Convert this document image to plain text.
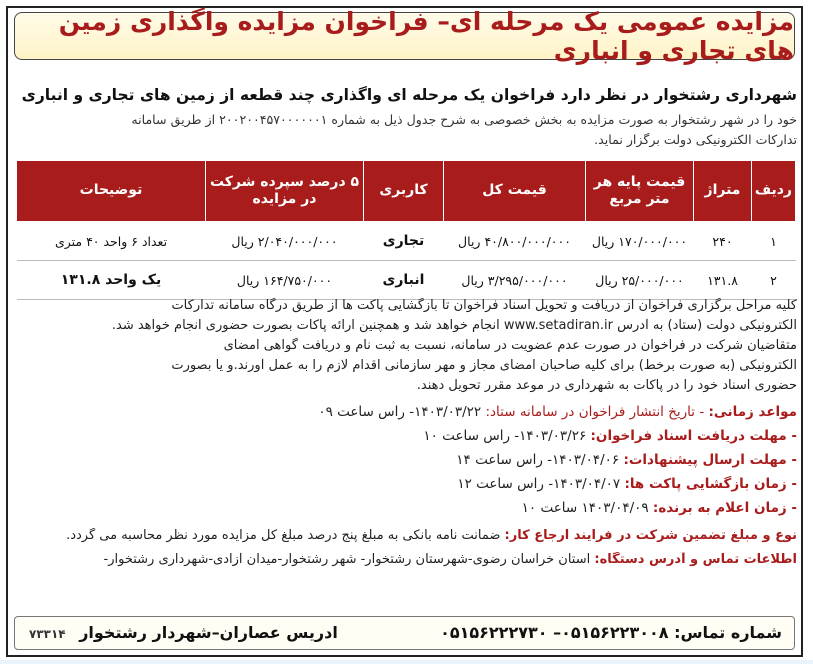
مزایده عمومی یک مرحله ای– فراخوان مزایده واگذاری زمین های تجاری و انباری
شهرداری رشتخوار در نظر دارد فراخوان یک مرحله ای واگذاری چند قطعه از زمین های تجاری و انباری
خود را در شهر رشتخوار به صورت مزایده به بخش خصوصی به شرح جدول ذیل به شماره ۲۰۰۲۰۰۴۵۷۰۰۰۰۰۰۱ از طریق سامانه
تدارکات الکترونیکی دولت برگزار نماید.
ردیف	متراژ	قیمت پایه هر متر مربع	قیمت کل	کاربری	۵ درصد سپرده شرکت در مزایده	توضیحات
۱	۲۴۰	۱۷۰/۰۰۰/۰۰۰ ریال	۴۰/۸۰۰/۰۰۰/۰۰۰ ریال	تجاری	۲/۰۴۰/۰۰۰/۰۰۰ ریال	تعداد ۶ واحد ۴۰ متری
۲	۱۳۱.۸	۲۵/۰۰۰/۰۰۰ ریال	۳/۲۹۵/۰۰۰/۰۰۰ ریال	انباری	۱۶۴/۷۵۰/۰۰۰ ریال	یک واحد ۱۳۱.۸
کلیه مراحل برگزاری فراخوان از دریافت و تحویل اسناد فراخوان تا بازگشایی پاکت ها از طریق درگاه سامانه تدارکات
الکترونیکی دولت (ستاد) به آدرس www.setadiran.ir انجام خواهد شد و همچنین ارائه پاکات بصورت حضوری انجام خواهد شد.
متقاضیان شرکت در فراخوان در صورت عدم عضویت در سامانه، نسبت به ثبت نام و دریافت گواهی امضای
الکترونیکی (به صورت برخط) برای کلیه صاحبان امضای مجاز و مهر سازمانی اقدام لازم را به عمل آورند.و یا بصورت
حضوری اسناد خود را در پاکات به شهرداری در موعد مقرر تحویل دهند.
مواعد زمانی: - تاریخ انتشار فراخوان در سامانه ستاد: ۱۴۰۳/۰۳/۲۲- راس ساعت ۰۹
- مهلت دریافت اسناد فراخوان: ۱۴۰۳/۰۳/۲۶- راس ساعت ۱۰
- مهلت ارسال پیشنهادات: ۱۴۰۳/۰۴/۰۶- راس ساعت ۱۴
- زمان بازگشایی پاکت ها: ۱۴۰۳/۰۴/۰۷- راس ساعت ۱۲
- زمان اعلام به برنده: ۱۴۰۳/۰۴/۰۹ ساعت ۱۰
نوع و مبلغ تضمین شرکت در فرایند ارجاع کار: ضمانت نامه بانکی به مبلغ پنج درصد مبلغ کل مزایده مورد نظر محاسبه می گردد.
اطلاعات تماس و آدرس دستگاه: استان خراسان رضوی-شهرستان رشتخوار- شهر رشتخوار-میدان آزادی-شهرداری رشتخوار-
شماره تماس: ۰۵۱۵۶۲۲۳۰۰۸– ۰۵۱۵۶۲۲۲۷۳۰
ادریس عصاران–شهردار رشتخوار ۷۳۳۱۴
